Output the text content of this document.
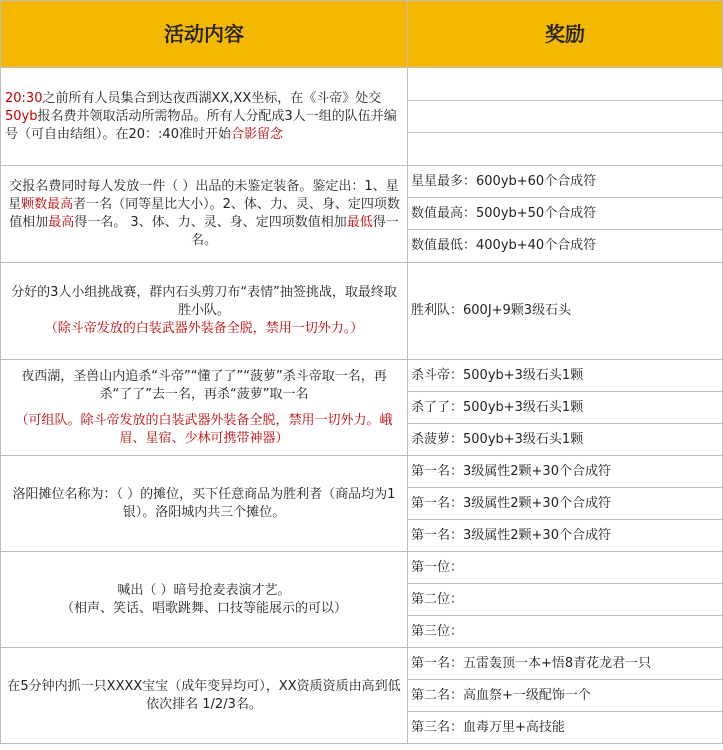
活动内容	奖励
20:30之前所有人员集合到达夜西湖XX,XX坐标，在《斗帝》处交50yb报名费并领取活动所需物品。所有人分配成3人一组的队伍并编号（可自由结组）。在20：:40准时开始合影留念	

交报名费同时每人发放一件（ ）出品的未鉴定装备。鉴定出：1、星星颗数最高者一名（同等星比大小）。2、体、力、灵、身、定四项数值相加最高得一名。 3、体、力、灵、身、定四项数值相加最低得一名。	星星最多：600yb+60个合成符
	数值最高：500yb+50个合成符
	数值最低：400yb+40个合成符

分好的3人小组挑战赛，群内石头剪刀布“表情”抽签挑战，取最终取胜小队。
（除斗帝发放的白装武器外装备全脱，禁用一切外力。）	胜利队：600J+9颗3级石头

夜西湖，圣兽山内追杀“斗帝”“懂了了”“菠萝”杀斗帝取一名，再杀“了了”去一名，再杀“菠萝”取一名
（可组队。除斗帝发放的白装武器外装备全脱，禁用一切外力。峨眉、星宿、少林可携带神器）	杀斗帝：500yb+3级石头1颗
	杀了了：500yb+3级石头1颗
	杀菠萝：500yb+3级石头1颗
洛阳摊位名称为：（ ）的摊位，买下任意商品为胜利者（商品均为1银）。洛阳城内共三个摊位。	第一名：3级属性2颗+30个合成符
	第一名：3级属性2颗+30个合成符
	第一名：3级属性2颗+30个合成符

喊出（ ）暗号抢麦表演才艺。
（相声、笑话、唱歌跳舞、口技等能展示的可以）	第一位：
	第二位：
	第三位：
在5分钟内抓一只XXXX宝宝（成年变异均可），XX资质资质由高到低依次排名 1/2/3名。	第一名：五雷轰顶一本+悟8青花龙君一只
	第二名：高血祭+一级配饰一个
	第三名：血毒万里+高技能
